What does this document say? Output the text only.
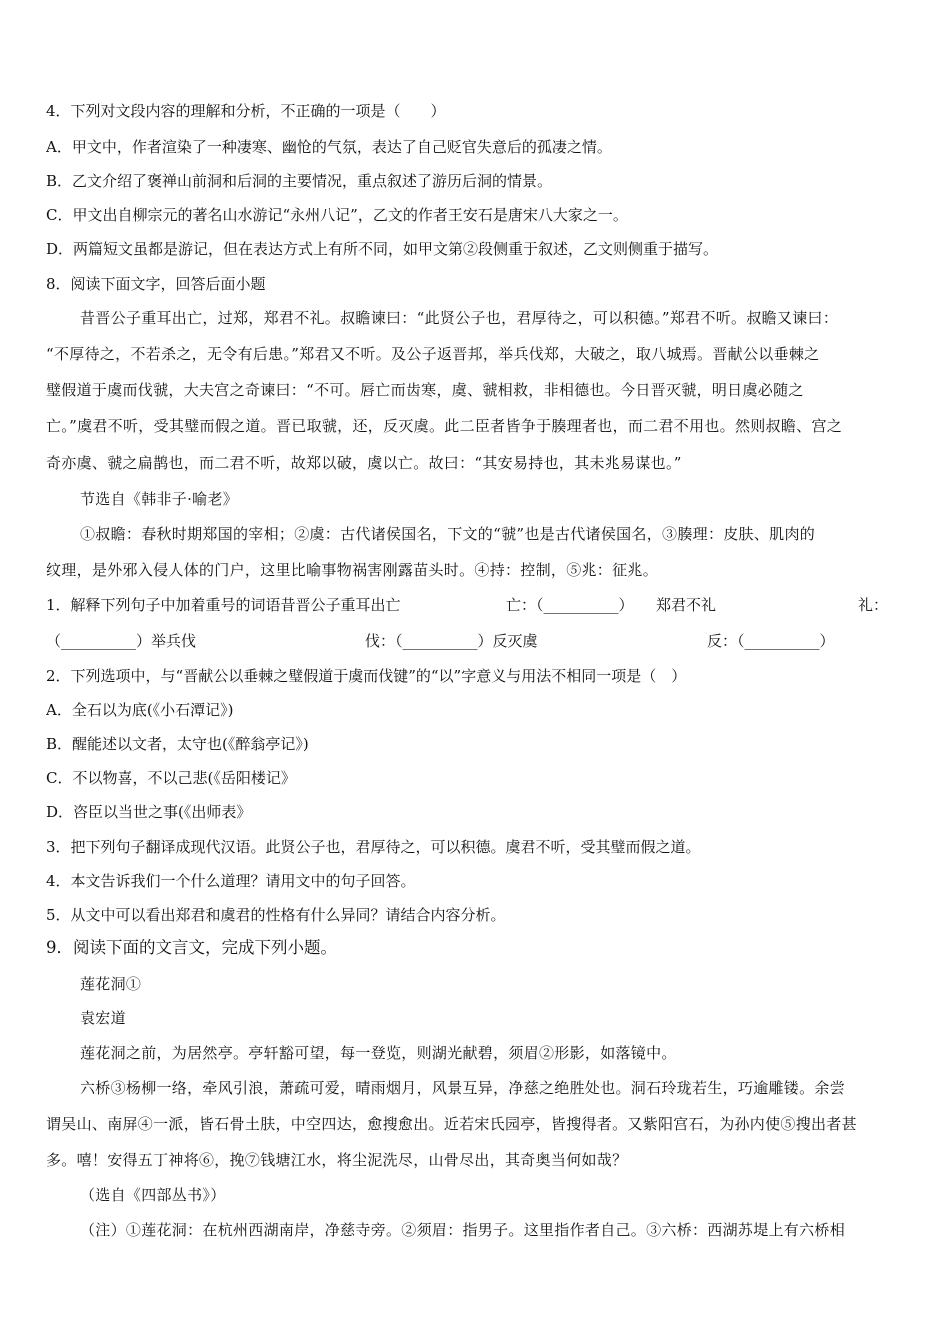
4．下列对文段内容的理解和分析，不正确的一项是（　　）
A．甲文中，作者渲染了一种凄寒、幽怆的气氛，表达了自己贬官失意后的孤凄之情。
B．乙文介绍了褒禅山前洞和后洞的主要情况，重点叙述了游历后洞的情景。
C．甲文出自柳宗元的著名山水游记“永州八记”，乙文的作者王安石是唐宋八大家之一。
D．两篇短文虽都是游记，但在表达方式上有所不同，如甲文第②段侧重于叙述，乙文则侧重于描写。
8．阅读下面文字，回答后面小题
昔晋公子重耳出亡，过郑，郑君不礼。叔瞻谏曰：“此贤公子也，君厚待之，可以积德。”郑君不听。叔瞻又谏曰：
“不厚待之，不若杀之，无令有后患。”郑君又不听。及公子返晋邦，举兵伐郑，大破之，取八城焉。晋献公以垂棘之
璧假道于虞而伐虢，大夫宫之奇谏曰：“不可。唇亡而齿寒，虞、虢相救，非相德也。今日晋灭虢，明日虞必随之
亡。”虞君不听，受其璧而假之道。晋已取虢，还，反灭虞。此二臣者皆争于腠理者也，而二君不用也。然则叔瞻、宫之
奇亦虞、虢之扁鹊也，而二君不听，故郑以破，虞以亡。故曰：“其安易持也，其未兆易谋也。”
节选自《韩非子·喻老》
①叔瞻：春秋时期郑国的宰相；②虞：古代诸侯国名，下文的“虢”也是古代诸侯国名，③腠理：皮肤、肌肉的
纹理，是外邪入侵人体的门户，这里比喻事物祸害刚露苗头时。④持：控制，⑤兆：征兆。
1．解释下列句子中加着重号的词语昔晋公子重耳出亡	亡：（__________）	郑君不礼	礼：
（__________）举兵伐	伐：（__________）反灭虞	反：（__________）
2．下列选项中，与“晋献公以垂棘之璧假道于虞而伐键”的“以”字意义与用法不相同一项是（　）
A．全石以为底(《小石潭记》)
B．醒能述以文者，太守也(《醉翁亭记》)
C．不以物喜，不以己悲(《岳阳楼记》
D．咨臣以当世之事(《出师表》
3．把下列句子翻译成现代汉语。此贤公子也，君厚待之，可以积德。虞君不听，受其璧而假之道。
4．本文告诉我们一个什么道理？请用文中的句子回答。
5．从文中可以看出郑君和虞君的性格有什么异同？请结合内容分析。
9．阅读下面的文言文，完成下列小题。
莲花洞①
袁宏道
莲花洞之前，为居然亭。亭轩豁可望，每一登览，则湖光献碧，须眉②形影，如落镜中。
六桥③杨柳一络，牵风引浪，萧疏可爱，晴雨烟月，风景互异，净慈之绝胜处也。洞石玲珑若生，巧逾雕镂。余尝
谓吴山、南屏④一派，皆石骨土肤，中空四达，愈搜愈出。近若宋氏园亭，皆搜得者。又紫阳宫石，为孙内使⑤搜出者甚
多。嘻！安得五丁神将⑥，挽⑦钱塘江水，将尘泥洗尽，山骨尽出，其奇奥当何如哉？
（选自《四部丛书》）
（注）①莲花洞：在杭州西湖南岸，净慈寺旁。②须眉：指男子。这里指作者自己。③六桥：西湖苏堤上有六桥相
